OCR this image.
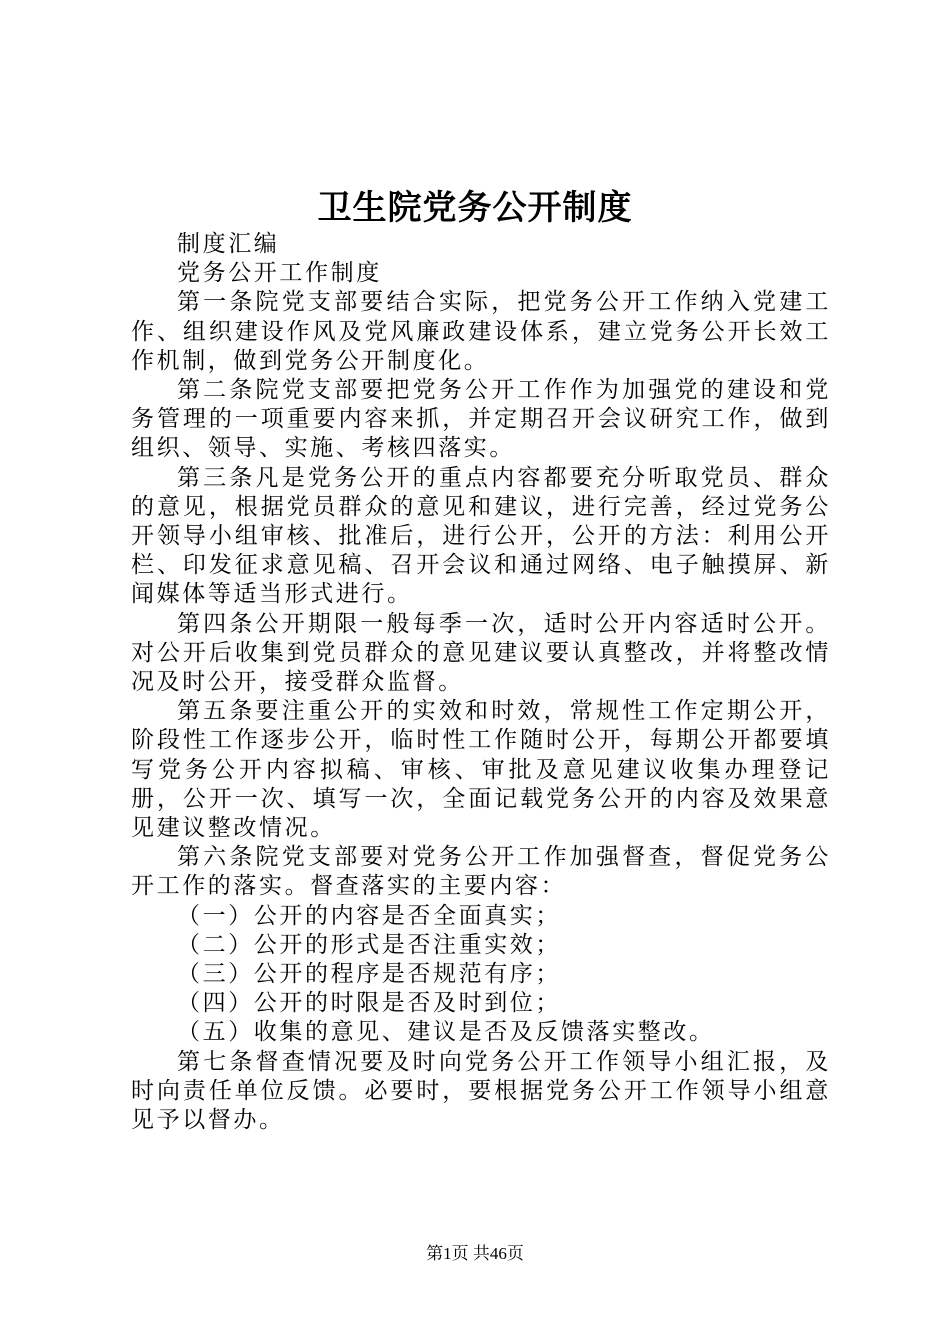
卫生院党务公开制度

制度汇编

党务公开工作制度

第一条院党支部要结合实际，把党务公开工作纳入党建工作、组织建设作风及党风廉政建设体系，建立党务公开长效工作机制，做到党务公开制度化。

第二条院党支部要把党务公开工作作为加强党的建设和党务管理的一项重要内容来抓，并定期召开会议研究工作，做到组织、领导、实施、考核四落实。

第三条凡是党务公开的重点内容都要充分听取党员、群众的意见，根据党员群众的意见和建议，进行完善，经过党务公开领导小组审核、批准后，进行公开，公开的方法：利用公开栏、印发征求意见稿、召开会议和通过网络、电子触摸屏、新闻媒体等适当形式进行。

第四条公开期限一般每季一次，适时公开内容适时公开。对公开后收集到党员群众的意见建议要认真整改，并将整改情况及时公开，接受群众监督。

第五条要注重公开的实效和时效，常规性工作定期公开，阶段性工作逐步公开，临时性工作随时公开，每期公开都要填写党务公开内容拟稿、审核、审批及意见建议收集办理登记册，公开一次、填写一次，全面记载党务公开的内容及效果意见建议整改情况。

第六条院党支部要对党务公开工作加强督查，督促党务公开工作的落实。督查落实的主要内容：

（一）公开的内容是否全面真实；

（二）公开的形式是否注重实效；

（三）公开的程序是否规范有序；

（四）公开的时限是否及时到位；

（五）收集的意见、建议是否及反馈落实整改。

第七条督查情况要及时向党务公开工作领导小组汇报，及时向责任单位反馈。必要时，要根据党务公开工作领导小组意见予以督办。

第1页 共46页
